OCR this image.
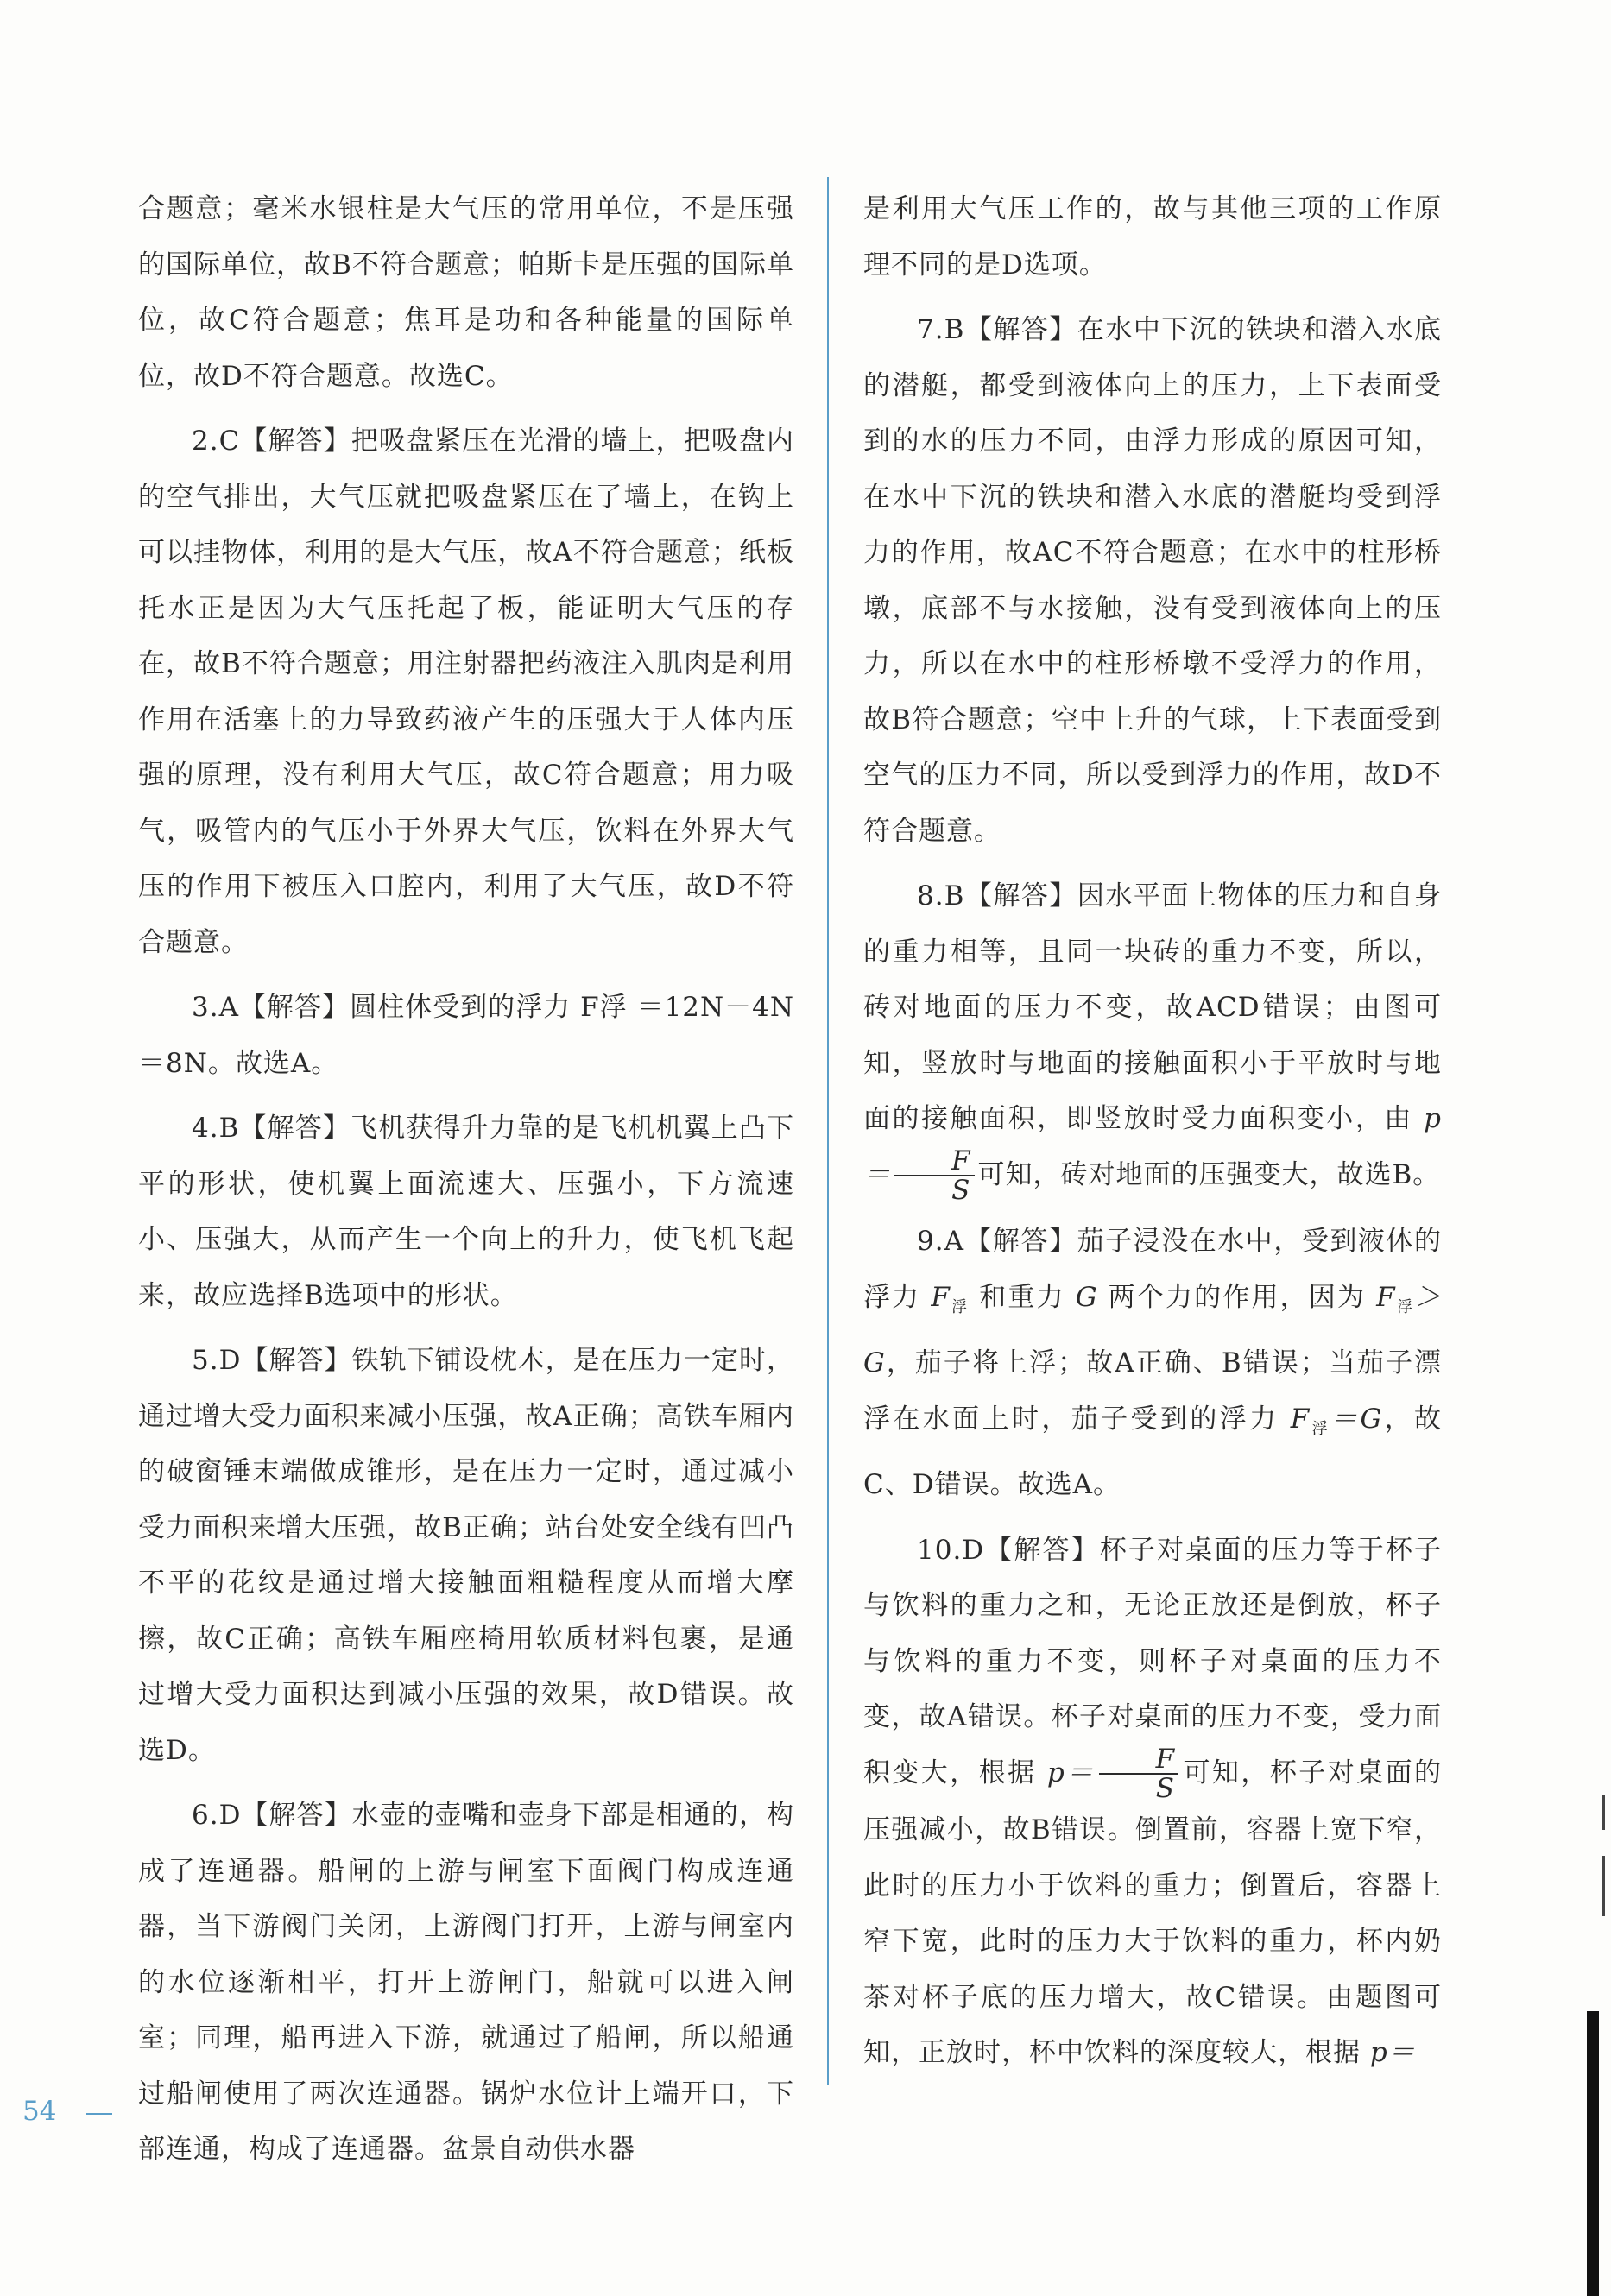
合题意；毫米水银柱是大气压的常用单位，不是压强的国际单位，故B不符合题意；帕斯卡是压强的国际单位，故C符合题意；焦耳是功和各种能量的国际单位，故D不符合题意。故选C。

2.C【解答】把吸盘紧压在光滑的墙上，把吸盘内的空气排出，大气压就把吸盘紧压在了墙上，在钩上可以挂物体，利用的是大气压，故A不符合题意；纸板托水正是因为大气压托起了板，能证明大气压的存在，故B不符合题意；用注射器把药液注入肌肉是利用作用在活塞上的力导致药液产生的压强大于人体内压强的原理，没有利用大气压，故C符合题意；用力吸气，吸管内的气压小于外界大气压，饮料在外界大气压的作用下被压入口腔内，利用了大气压，故D不符合题意。

3.A【解答】圆柱体受到的浮力 F浮 ＝12N－4N＝8N。故选A。

4.B【解答】飞机获得升力靠的是飞机机翼上凸下平的形状，使机翼上面流速大、压强小，下方流速小、压强大，从而产生一个向上的升力，使飞机飞起来，故应选择B选项中的形状。

5.D【解答】铁轨下铺设枕木，是在压力一定时，通过增大受力面积来减小压强，故A正确；高铁车厢内的破窗锤末端做成锥形，是在压力一定时，通过减小受力面积来增大压强，故B正确；站台处安全线有凹凸不平的花纹是通过增大接触面粗糙程度从而增大摩擦，故C正确；高铁车厢座椅用软质材料包裹，是通过增大受力面积达到减小压强的效果，故D错误。故选D。

6.D【解答】水壶的壶嘴和壶身下部是相通的，构成了连通器。船闸的上游与闸室下面阀门构成连通器，当下游阀门关闭，上游阀门打开，上游与闸室内的水位逐渐相平，打开上游闸门，船就可以进入闸室；同理，船再进入下游，就通过了船闸，所以船通过船闸使用了两次连通器。锅炉水位计上端开口，下部连通，构成了连通器。盆景自动供水器

是利用大气压工作的，故与其他三项的工作原理不同的是D选项。

7.B【解答】在水中下沉的铁块和潜入水底的潜艇，都受到液体向上的压力，上下表面受到的水的压力不同，由浮力形成的原因可知，在水中下沉的铁块和潜入水底的潜艇均受到浮力的作用，故AC不符合题意；在水中的柱形桥墩，底部不与水接触，没有受到液体向上的压力，所以在水中的柱形桥墩不受浮力的作用，故B符合题意；空中上升的气球，上下表面受到空气的压力不同，所以受到浮力的作用，故D不符合题意。

8.B【解答】因水平面上物体的压力和自身的重力相等，且同一块砖的重力不变，所以，砖对地面的压力不变，故ACD错误；由图可知，竖放时与地面的接触面积小于平放时与地面的接触面积，即竖放时受力面积变小，由 $p= \frac{F}{S}$ 可知，砖对地面的压强变大，故选B。

9.A【解答】茄子浸没在水中，受到液体的浮力 $F_浮$ 和重力 G 两个力的作用，因为 $F_浮>G$，茄子将上浮；故A正确、B错误；当茄子漂浮在水面上时，茄子受到的浮力 $F_浮=G$，故C、D错误。故选A。

10.D【解答】杯子对桌面的压力等于杯子与饮料的重力之和，无论正放还是倒放，杯子与饮料的重力不变，则杯子对桌面的压力不变，故A错误。杯子对桌面的压力不变，受力面积变大，根据 $p= \frac{F}{S}$ 可知，杯子对桌面的压强减小，故B错误。倒置前，容器上宽下窄，此时的压力小于饮料的重力；倒置后，容器上窄下宽，此时的压力大于饮料的重力，杯内奶茶对杯子底的压力增大，故C错误。由题图可知，正放时，杯中饮料的深度较大，根据 p＝

54
